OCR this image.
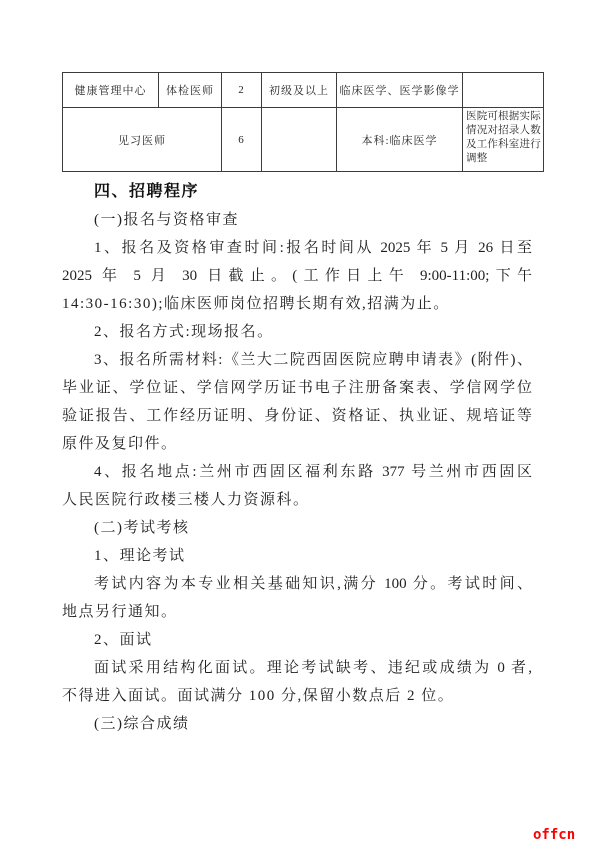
健康管理中心	体检医师	2	初级及以上	临床医学、医学影像学	
见习医师		6		本科:临床医学	医院可根据实际情况对招录人数及工作科室进行调整
四、招聘程序
(一)报名与资格审查
1、报名及资格审查时间:报名时间从 2025 年 5 月 26 日至
2025 年 5 月 30 日截止。(工作日上午 9:00-11:00;下午
14:30-16:30);临床医师岗位招聘长期有效,招满为止。
2、报名方式:现场报名。
3、报名所需材料:《兰大二院西固医院应聘申请表》(附件)、
毕业证、学位证、学信网学历证书电子注册备案表、学信网学位
验证报告、工作经历证明、身份证、资格证、执业证、规培证等
原件及复印件。
4、报名地点:兰州市西固区福利东路 377 号兰州市西固区
人民医院行政楼三楼人力资源科。
(二)考试考核
1、理论考试
考试内容为本专业相关基础知识,满分 100 分。考试时间、
地点另行通知。
2、面试
面试采用结构化面试。理论考试缺考、违纪或成绩为 0 者,
不得进入面试。面试满分 100 分,保留小数点后 2 位。
(三)综合成绩
offcn
